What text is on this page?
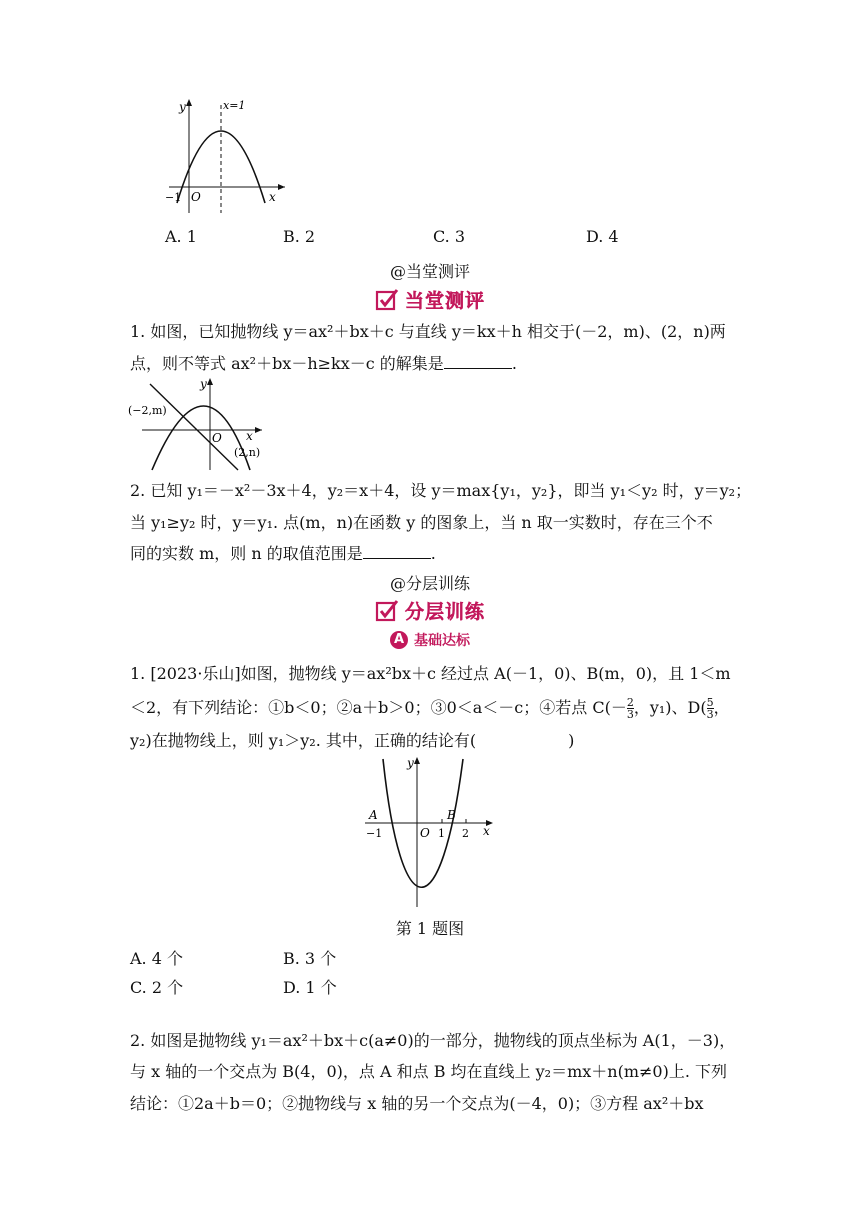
y	x=1
x
O
−1
A. 1	B. 2	C. 3	D. 4
@当堂测评
当堂测评
1. 如图，已知抛物线 y＝ax²＋bx＋c 与直线 y＝kx＋h 相交于(－2，m)、(2，n)两
点，则不等式 ax²＋bx－h≥kx－c 的解集是	.
y
x
O
(−2,m)
(2,n)
2. 已知 y₁＝－x²－3x＋4，y₂＝x＋4，设 y＝max{y₁，y₂}，即当 y₁＜y₂ 时，y＝y₂；
当 y₁≥y₂ 时，y＝y₁. 点(m，n)在函数 y 的图象上，当 n 取一实数时，存在三个不
同的实数 m，则 n 的取值范围是	.
@分层训练
分层训练
A 基础达标
1. [2023·乐山]如图，抛物线 y＝ax²bx＋c 经过点 A(－1，0)、B(m，0)，且 1＜m
＜2，有下列结论：①b＜0；②a＋b＞0；③0＜a＜－c；④若点 $C(- \frac{2}{3}$ ，y₁)、$D( \frac{5}{3}$ ，
y₂)在抛物线上，则 y₁＞y₂. 其中，正确的结论有(	)
y
x
A	B
−1	O 1 2
第 1 题图
A. 4 个	B. 3 个
C. 2 个	D. 1 个
2. 如图是抛物线 y₁＝ax²＋bx＋c(a≠0)的一部分，抛物线的顶点坐标为 A(1，－3)，
与 x 轴的一个交点为 B(4，0)，点 A 和点 B 均在直线上 y₂＝mx＋n(m≠0)上. 下列
结论：①2a＋b＝0；②抛物线与 x 轴的另一个交点为(－4，0)；③方程 ax²＋bx
